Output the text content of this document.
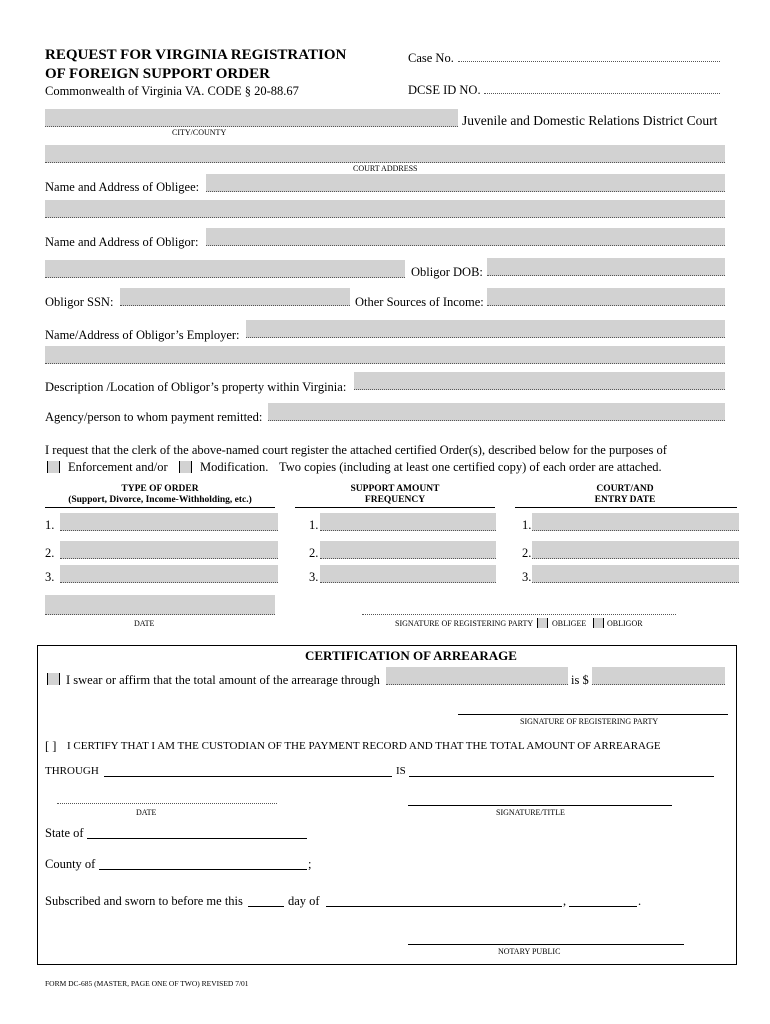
REQUEST FOR VIRGINIA REGISTRATION
OF FOREIGN SUPPORT ORDER
Commonwealth of Virginia VA. CODE § 20-88.67
Case No.
DCSE ID NO.
Juvenile and Domestic Relations District Court
CITY/COUNTY
COURT ADDRESS
Name and Address of Obligee:
Name and Address of Obligor:
Obligor DOB:
Obligor SSN:	Other Sources of Income:
Name/Address of Obligor’s Employer:
Description /Location of Obligor’s property within Virginia:
Agency/person to whom payment remitted:
I request that the clerk of the above-named court register the attached certified Order(s), described below for the purposes of
Enforcement and/or	Modification. Two copies (including at least one certified copy) of each order are attached.
TYPE OF ORDER
(Support, Divorce, Income-Withholding, etc.)
SUPPORT AMOUNT
FREQUENCY
COURT/AND
ENTRY DATE
1.	1.	1.
2.	2.	2.
3.	3.	3.
DATE	SIGNATURE OF REGISTERING PARTY OBLIGEE	OBLIGOR
CERTIFICATION OF ARREARAGE
I swear or affirm that the total amount of the arrearage through	is $
SIGNATURE OF REGISTERING PARTY
[ ] I CERTIFY THAT I AM THE CUSTODIAN OF THE PAYMENT RECORD AND THAT THE TOTAL AMOUNT OF ARREARAGE
THROUGH	IS
DATE	SIGNATURE/TITLE
State of
County of	;
Subscribed and sworn to before me this	day of	,	.
NOTARY PUBLIC
FORM DC-685 (MASTER, PAGE ONE OF TWO) REVISED 7/01
